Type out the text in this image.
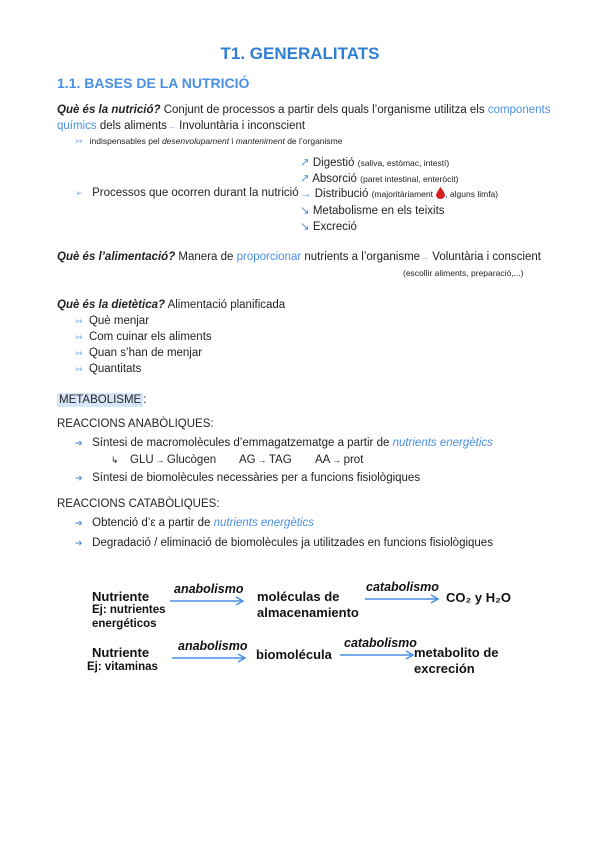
T1. GENERALITATS
1.1. BASES DE LA NUTRICIÓ
Què és la nutrició? Conjunt de processos a partir dels quals l’organisme utilitza els components
químics dels aliments→ Involuntària i inconscient
↣ indispensables pel desenvolupament i manteniment de l’organisme
↗ Digestió (saliva, estòmac, intestí)
↗ Absorció (paret intestinal, enteròcit)
➢ Processos que ocorren durant la nutrició → Distribució (majoritàriament , alguns limfa)
↘ Metabolisme en els teixits
↘ Excreció
Què és l’alimentació? Manera de proporcionar nutrients a l’organisme→ Voluntària i conscient
(escollir aliments, preparació,...)
Què és la dietètica? Alimentació planificada
↣ Què menjar
↣ Com cuinar els aliments
↣ Quan s’han de menjar
↣ Quantitats
METABOLISME :
REACCIONS ANABÒLIQUES:
➔ Síntesi de macromolècules d’emmagatzematge a partir de nutrients energètics
↳ GLU → Glucògen AG → TAG AA → prot
➔ Síntesi de biomolècules necessàries per a funcions fisiològiques
REACCIONS CATABÒLIQUES:
➔ Obtenció d’ε a partir de nutrients energètics
➔ Degradació / eliminació de biomolècules ja utilitzades en funcions fisiològiques
Nutriente
Ej: nutrientes
energéticos
anabolismo moléculas de
almacenamiento
catabolismo
CO₂ y H₂O
Nutriente
Ej: vitaminas
anabolismo
biomolécula
catabolismo
metabolito de
excreción
